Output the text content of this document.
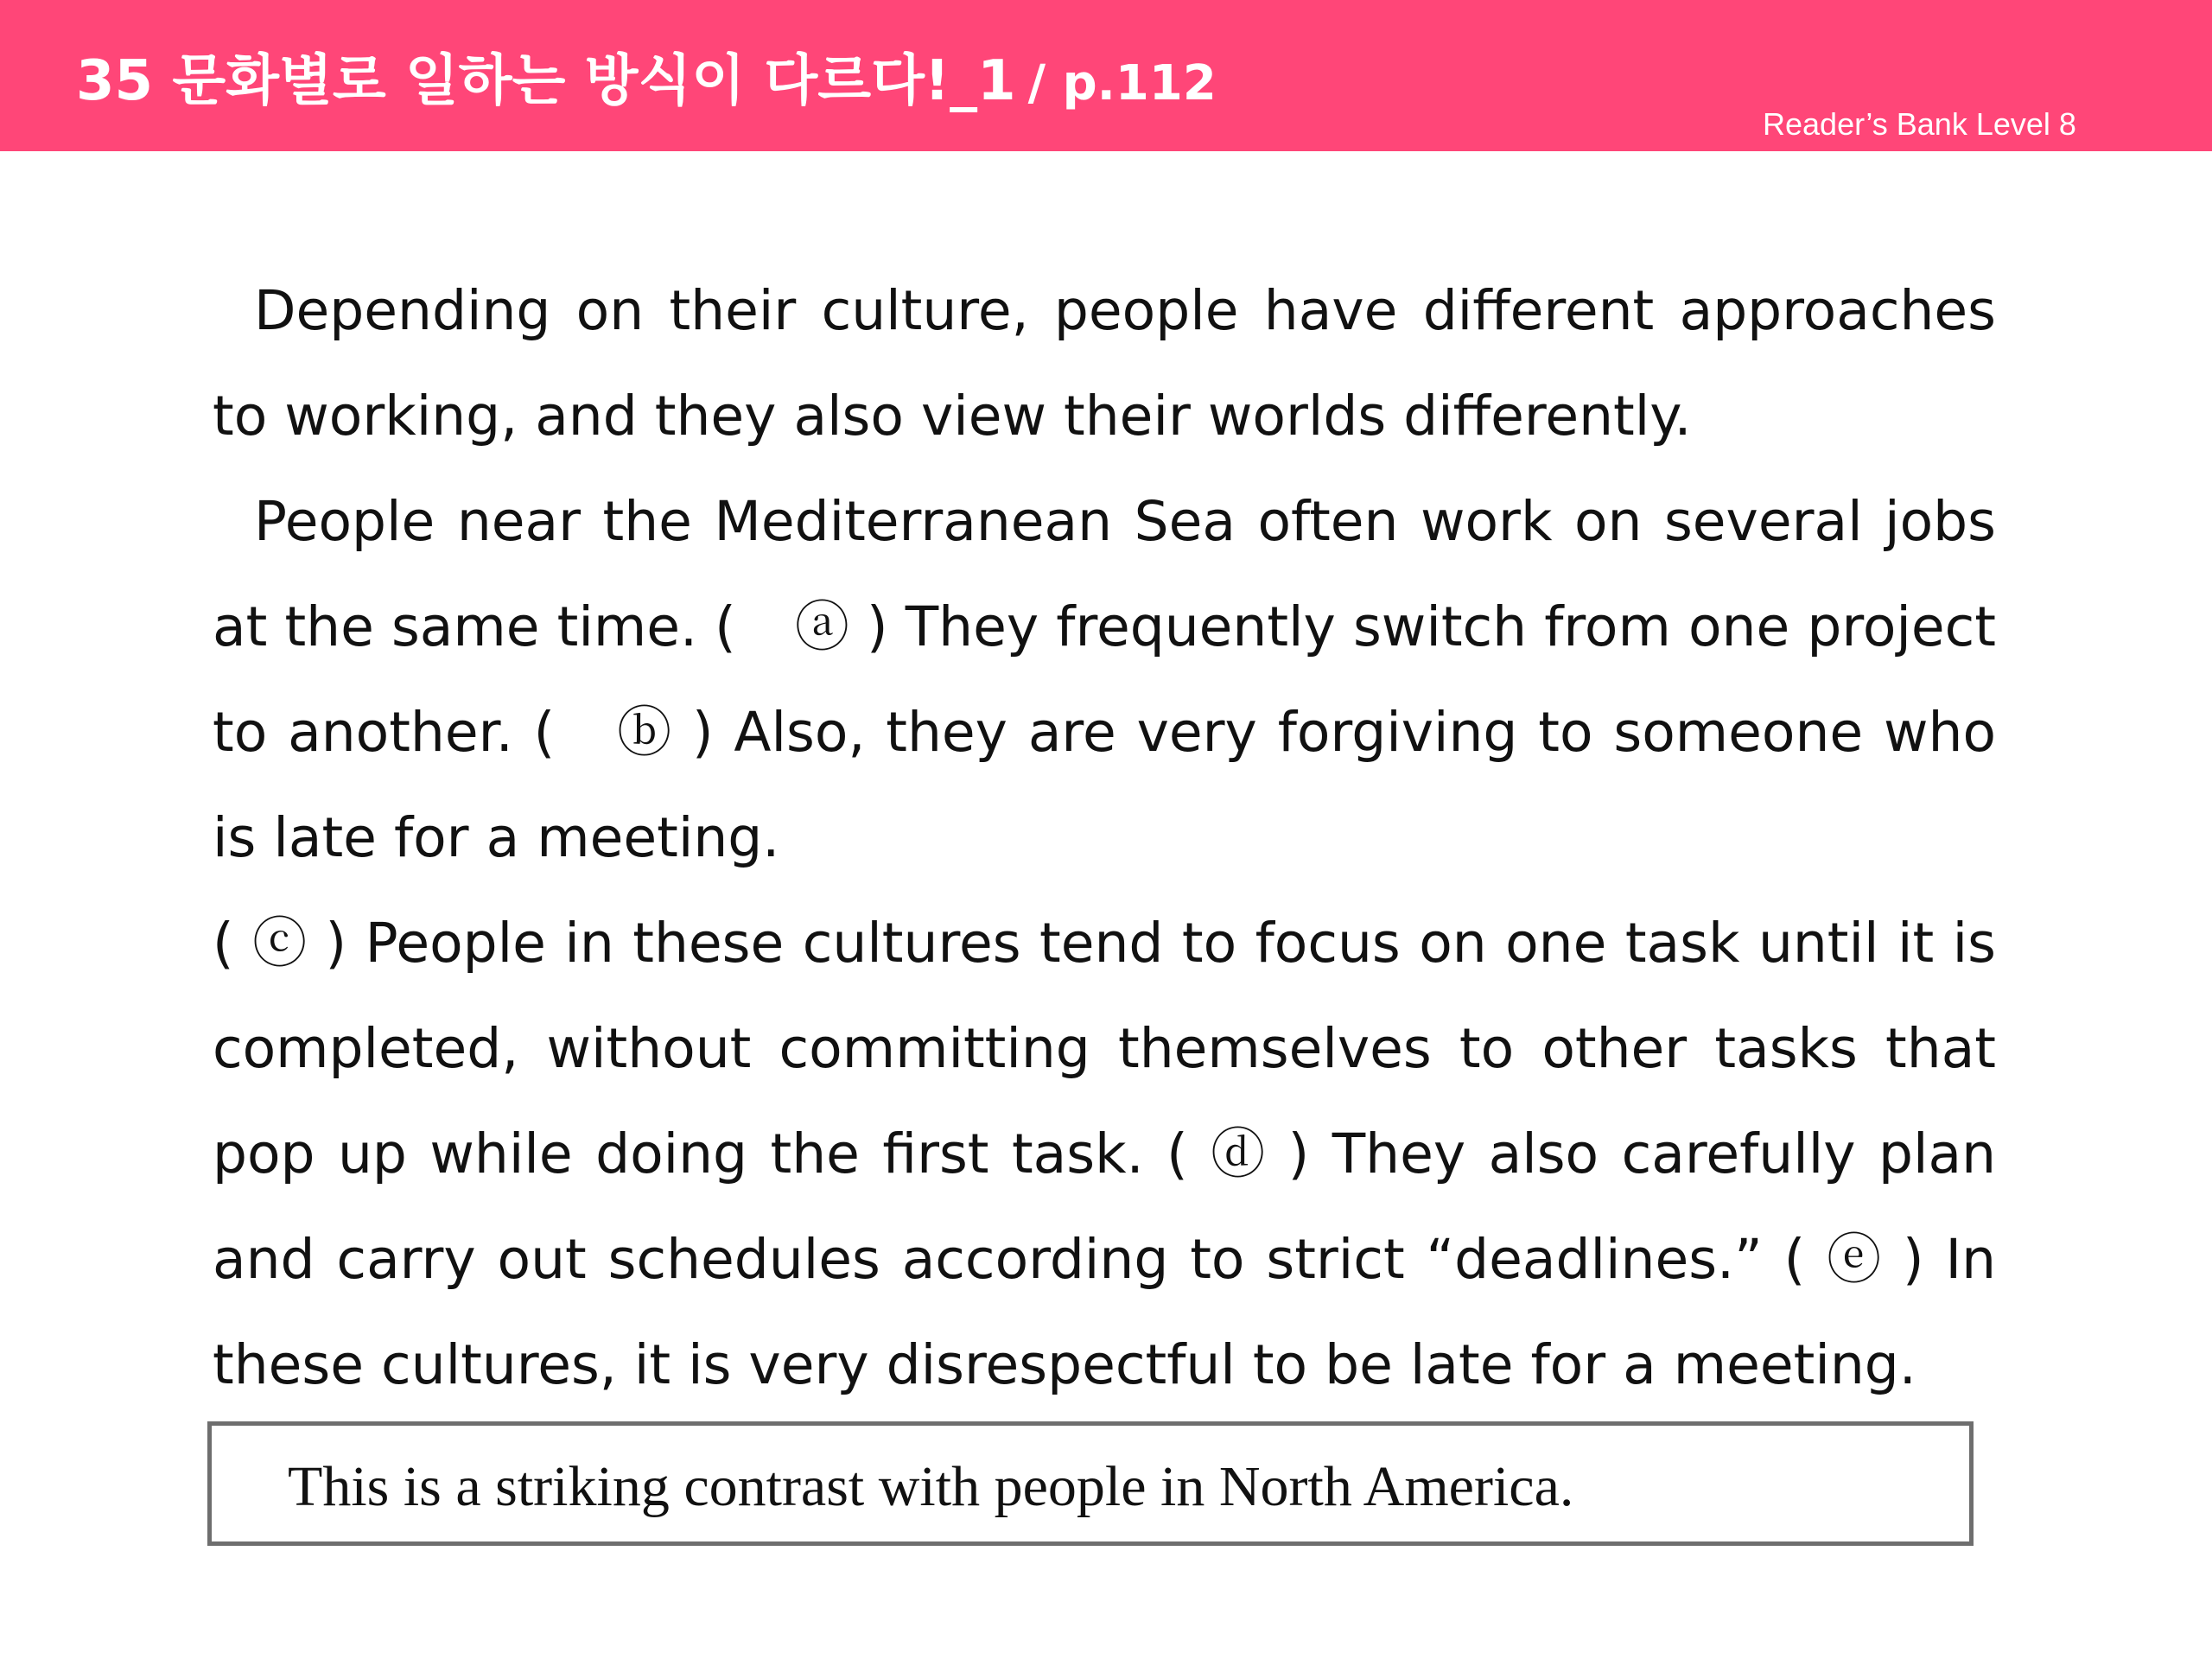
35 문화별로 일하는 방식이 다르다!_1 / p.112
Reader’s Bank Level 8

Depending on their culture, people have different approaches to working, and they also view their worlds differently.

People near the Mediterranean Sea often work on several jobs at the same time. ( ⓐ ) They frequently switch from one project to another. ( ⓑ ) Also, they are very forgiving to someone who is late for a meeting.

( ⓒ ) People in these cultures tend to focus on one task until it is completed, without committing themselves to other tasks that pop up while doing the first task. ( ⓓ ) They also carefully plan and carry out schedules according to strict “deadlines.” ( ⓔ ) In these cultures, it is very disrespectful to be late for a meeting.

This is a striking contrast with people in North America.
